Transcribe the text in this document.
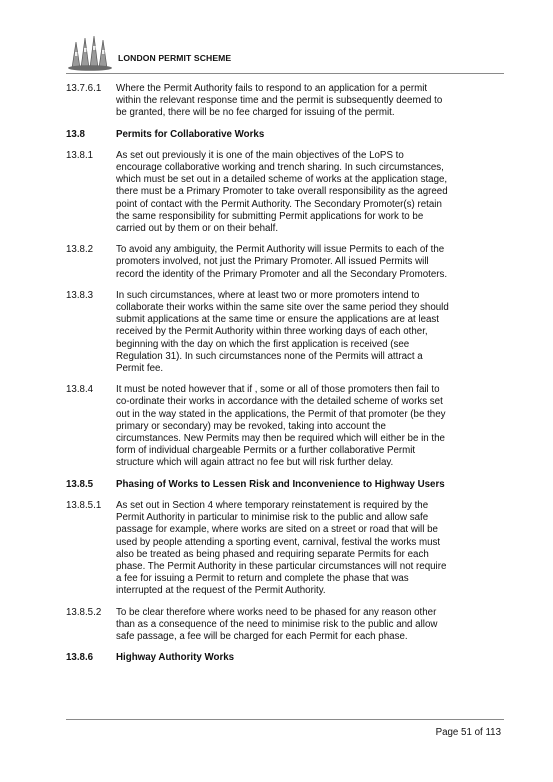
LONDON PERMIT SCHEME
13.7.6.1 Where the Permit Authority fails to respond to an application for a permit
within the relevant response time and the permit is subsequently deemed to
be granted, there will be no fee charged for issuing of the permit.
13.8	Permits for Collaborative Works
13.8.1 As set out previously it is one of the main objectives of the LoPS to
encourage collaborative working and trench sharing. In such circumstances,
which must be set out in a detailed scheme of works at the application stage,
there must be a Primary Promoter to take overall responsibility as the agreed
point of contact with the Permit Authority. The Secondary Promoter(s) retain
the same responsibility for submitting Permit applications for work to be
carried out by them or on their behalf.
13.8.2 To avoid any ambiguity, the Permit Authority will issue Permits to each of the
promoters involved, not just the Primary Promoter. All issued Permits will
record the identity of the Primary Promoter and all the Secondary Promoters.
13.8.3 In such circumstances, where at least two or more promoters intend to
collaborate their works within the same site over the same period they should
submit applications at the same time or ensure the applications are at least
received by the Permit Authority within three working days of each other,
beginning with the day on which the first application is received (see
Regulation 31). In such circumstances none of the Permits will attract a
Permit fee.
13.8.4 It must be noted however that if , some or all of those promoters then fail to
co-ordinate their works in accordance with the detailed scheme of works set
out in the way stated in the applications, the Permit of that promoter (be they
primary or secondary) may be revoked, taking into account the
circumstances. New Permits may then be required which will either be in the
form of individual chargeable Permits or a further collaborative Permit
structure which will again attract no fee but will risk further delay.
13.8.5 Phasing of Works to Lessen Risk and Inconvenience to Highway Users
13.8.5.1 As set out in Section 4 where temporary reinstatement is required by the
Permit Authority in particular to minimise risk to the public and allow safe
passage for example, where works are sited on a street or road that will be
used by people attending a sporting event, carnival, festival the works must
also be treated as being phased and requiring separate Permits for each
phase. The Permit Authority in these particular circumstances will not require
a fee for issuing a Permit to return and complete the phase that was
interrupted at the request of the Permit Authority.
13.8.5.2 To be clear therefore where works need to be phased for any reason other
than as a consequence of the need to minimise risk to the public and allow
safe passage, a fee will be charged for each Permit for each phase.
13.8.6 Highway Authority Works
Page 51 of 113
